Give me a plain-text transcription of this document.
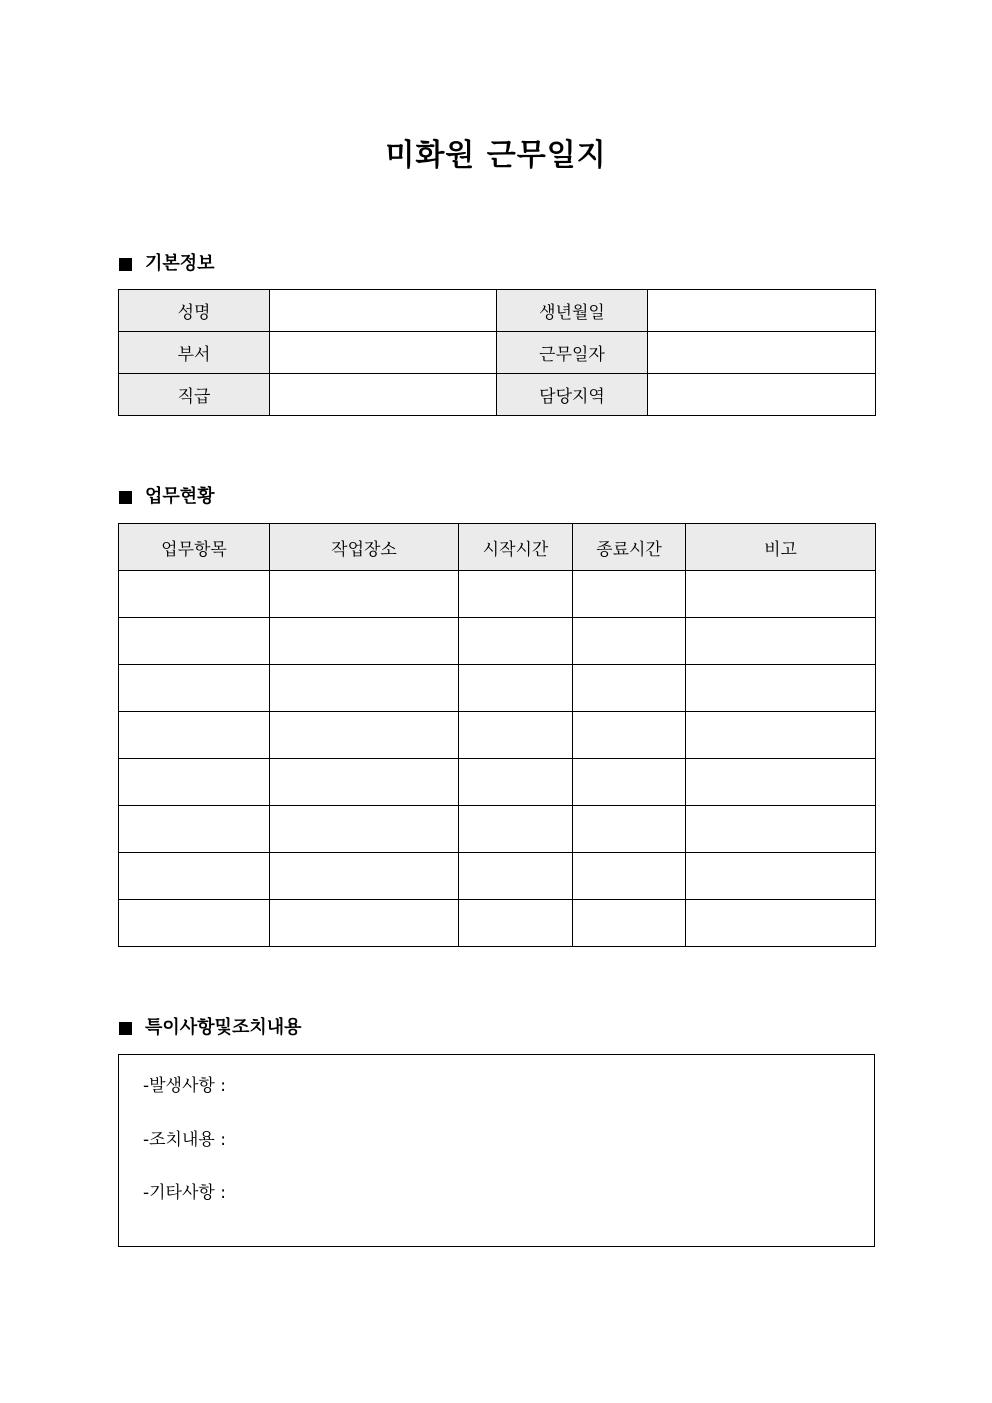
미화원 근무일지
기본정보
성명		생년월일	
부서		근무일자	
직급		담당지역	
업무현황
업무항목	작업장소	시작시간	종료시간	비고

특이사항및조치내용
-발생사항 :
-조치내용 :
-기타사항 :
